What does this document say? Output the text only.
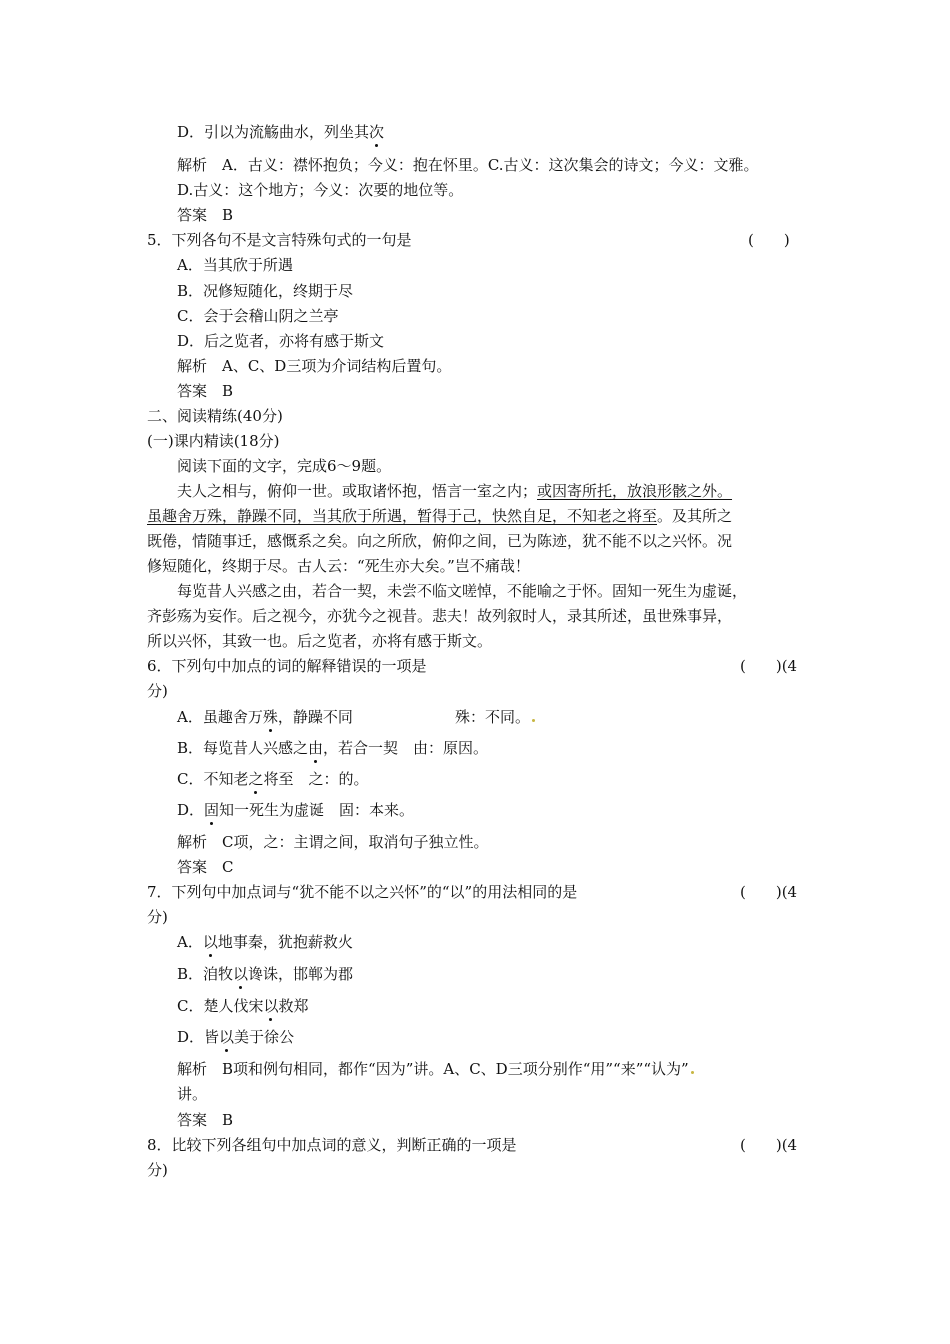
D．引以为流觞曲水，列坐其次
解析　A．古义：襟怀抱负；今义：抱在怀里。C.古义：这次集会的诗文；今义：文雅。
D.古义：这个地方；今义：次要的地位等。
答案　B
5．下列各句不是文言特殊句式的一句是	(　　)
A．当其欣于所遇
B．况修短随化，终期于尽
C．会于会稽山阴之兰亭
D．后之览者，亦将有感于斯文
解析　A、C、D三项为介词结构后置句。
答案　B
二、阅读精练(40分)
(一)课内精读(18分)
阅读下面的文字，完成6～9题。
夫人之相与，俯仰一世。或取诸怀抱，悟言一室之内；或因寄所托，放浪形骸之外。
虽趣舍万殊，静躁不同，当其欣于所遇，暂得于己，快然自足，不知老之将至。及其所之
既倦，情随事迁，感慨系之矣。向之所欣，俯仰之间，已为陈迹，犹不能不以之兴怀。况
修短随化，终期于尽。古人云：“死生亦大矣。”岂不痛哉！
每览昔人兴感之由，若合一契，未尝不临文嗟悼，不能喻之于怀。固知一死生为虚诞，
齐彭殇为妄作。后之视今，亦犹今之视昔。悲夫！故列叙时人，录其所述，虽世殊事异，
所以兴怀，其致一也。后之览者，亦将有感于斯文。
6．下列句中加点的词的解释错误的一项是	(　　)(4
分)
A．虽趣舍万殊，静躁不同	殊：不同。
B．每览昔人兴感之由，若合一契　由：原因。
C．不知老之将至　之：的。
D．固知一死生为虚诞　固：本来。
解析　C项，之：主谓之间，取消句子独立性。
答案　C
7．下列句中加点词与“犹不能不以之兴怀”的“以”的用法相同的是	(　　)(4
分)
A．以地事秦，犹抱薪救火
B．洎牧以谗诛，邯郸为郡
C．楚人伐宋以救郑
D．皆以美于徐公
解析　B项和例句相同，都作“因为”讲。A、C、D三项分别作“用”“来”“认为”
讲。
答案　B
8．比较下列各组句中加点词的意义，判断正确的一项是	(　　)(4
分)
